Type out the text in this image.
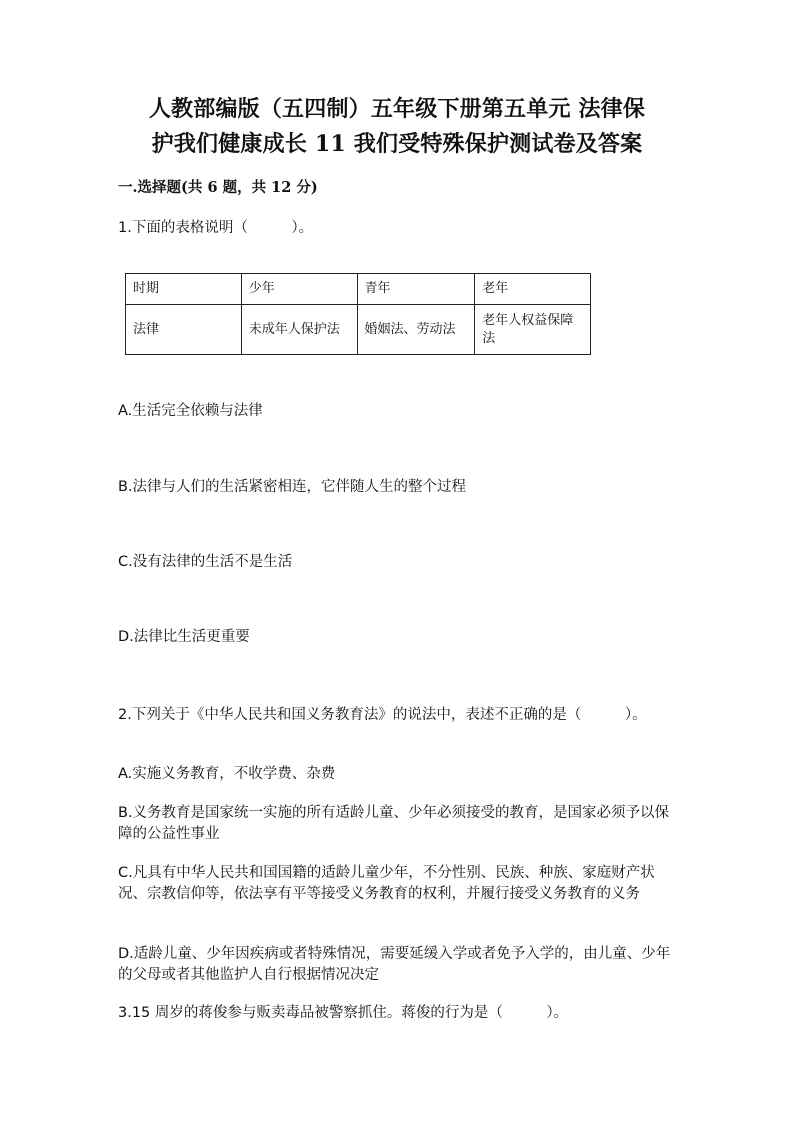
人教部编版（五四制）五年级下册第五单元 法律保
护我们健康成长 11 我们受特殊保护测试卷及答案
一.选择题(共 6 题，共 12 分)
1.下面的表格说明（　　　）。
时期	少年	青年	老年
法律	未成年人保护法	婚姻法、劳动法	老年人权益保障法
A.生活完全依赖与法律
B.法律与人们的生活紧密相连，它伴随人生的整个过程
C.没有法律的生活不是生活
D.法律比生活更重要
2.下列关于《中华人民共和国义务教育法》的说法中，表述不正确的是（　　　）。
A.实施义务教育，不收学费、杂费
B.义务教育是国家统一实施的所有适龄儿童、少年必须接受的教育，是国家必须予以保障的公益性事业
C.凡具有中华人民共和国国籍的适龄儿童少年，不分性别、民族、种族、家庭财产状况、宗教信仰等，依法享有平等接受义务教育的权利，并履行接受义务教育的义务
D.适龄儿童、少年因疾病或者特殊情况，需要延缓入学或者免予入学的，由儿童、少年的父母或者其他监护人自行根据情况决定
3.15 周岁的蒋俊参与贩卖毒品被警察抓住。蒋俊的行为是（　　　）。
